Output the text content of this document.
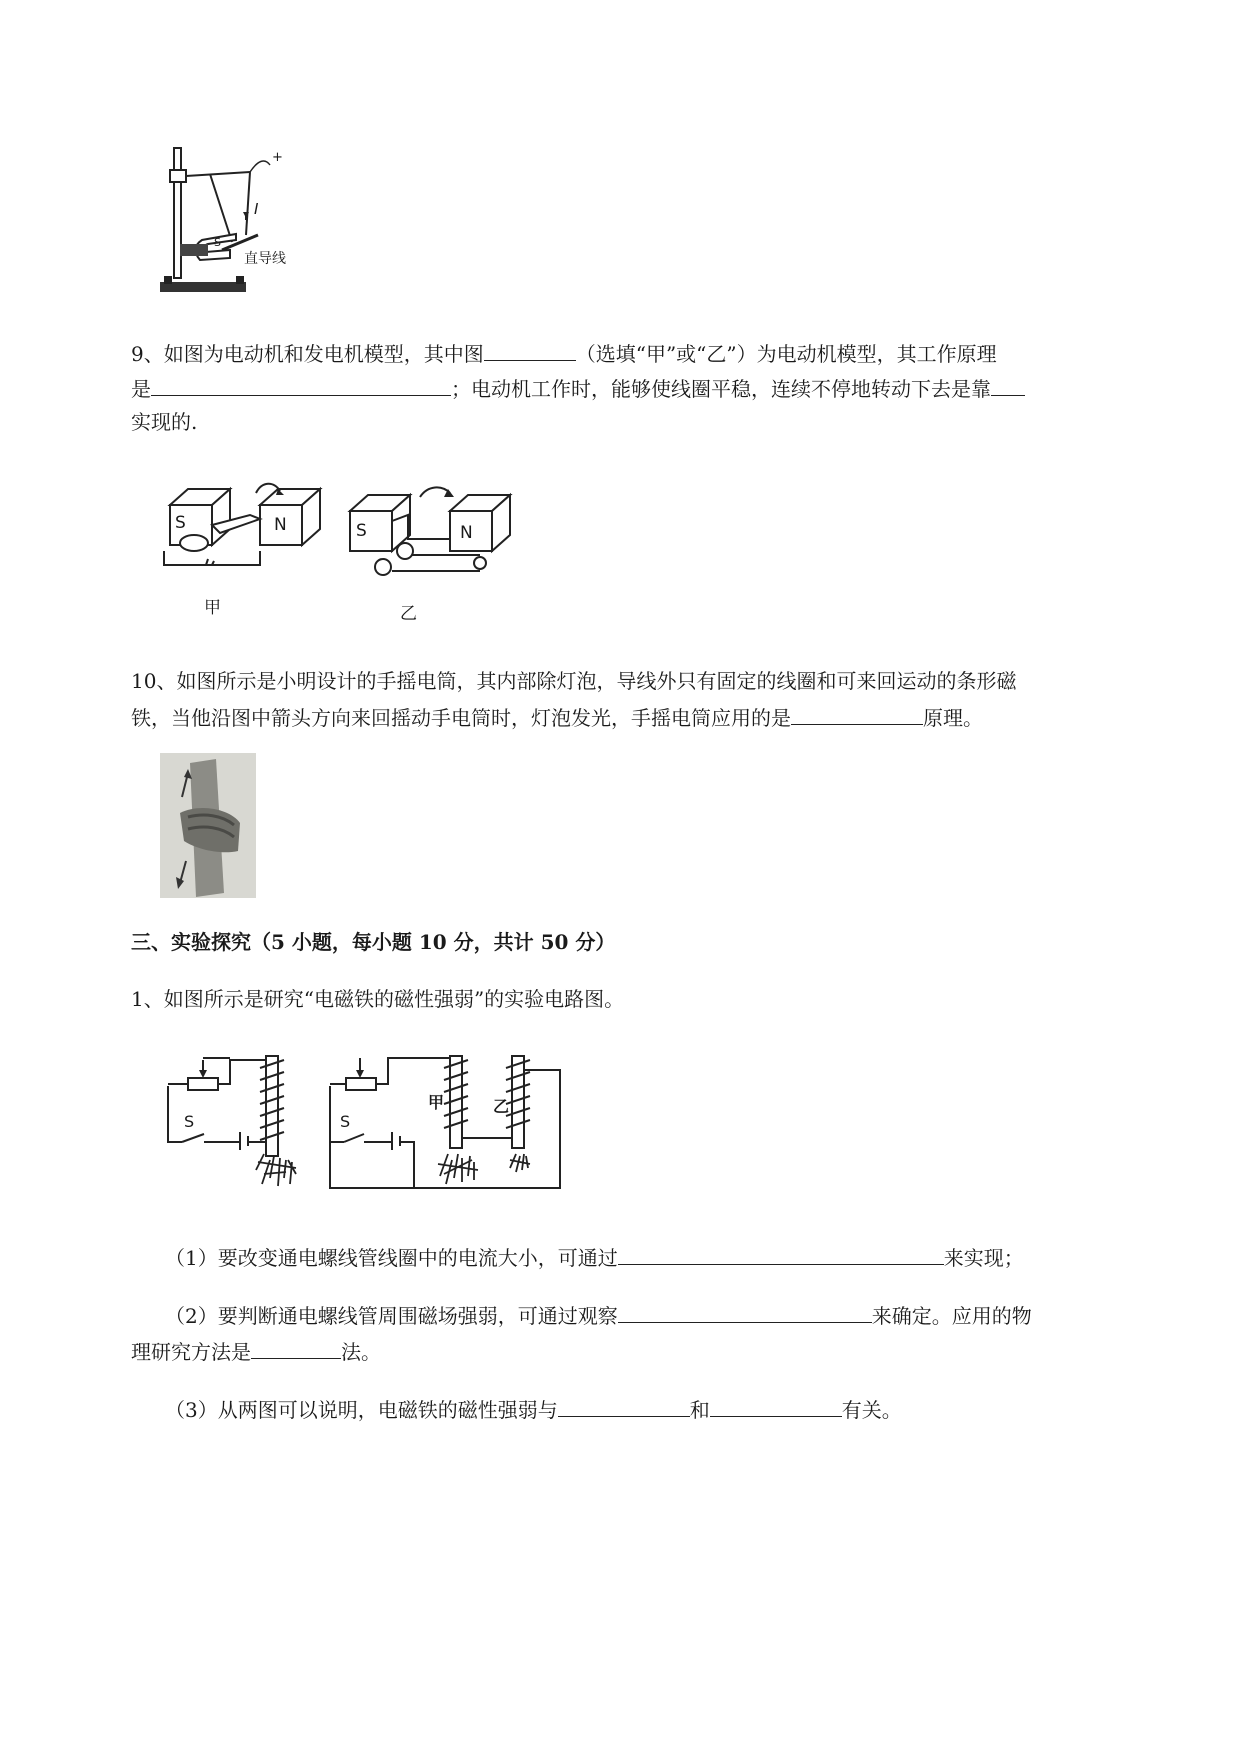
+
I
S
直导线
9、如图为电动机和发电机模型，其中图	（选填“甲”或“乙”）为电动机模型，其工作原理
是	；电动机工作时，能够使线圈平稳，连续不停地转动下去是靠
实现的.
S	N
甲
S	N
乙
10、如图所示是小明设计的手摇电筒，其内部除灯泡，导线外只有固定的线圈和可来回运动的条形磁
铁，当他沿图中箭头方向来回摇动手电筒时，灯泡发光，手摇电筒应用的是	原理。
三、实验探究（5 小题，每小题 10 分，共计 50 分）
1、如图所示是研究“电磁铁的磁性强弱”的实验电路图。
S	S
甲	乙
（1）要改变通电螺线管线圈中的电流大小，可通过	来实现；
（2）要判断通电螺线管周围磁场强弱，可通过观察	来确定。应用的物
理研究方法是	法。
（3）从两图可以说明，电磁铁的磁性强弱与	和	有关。
